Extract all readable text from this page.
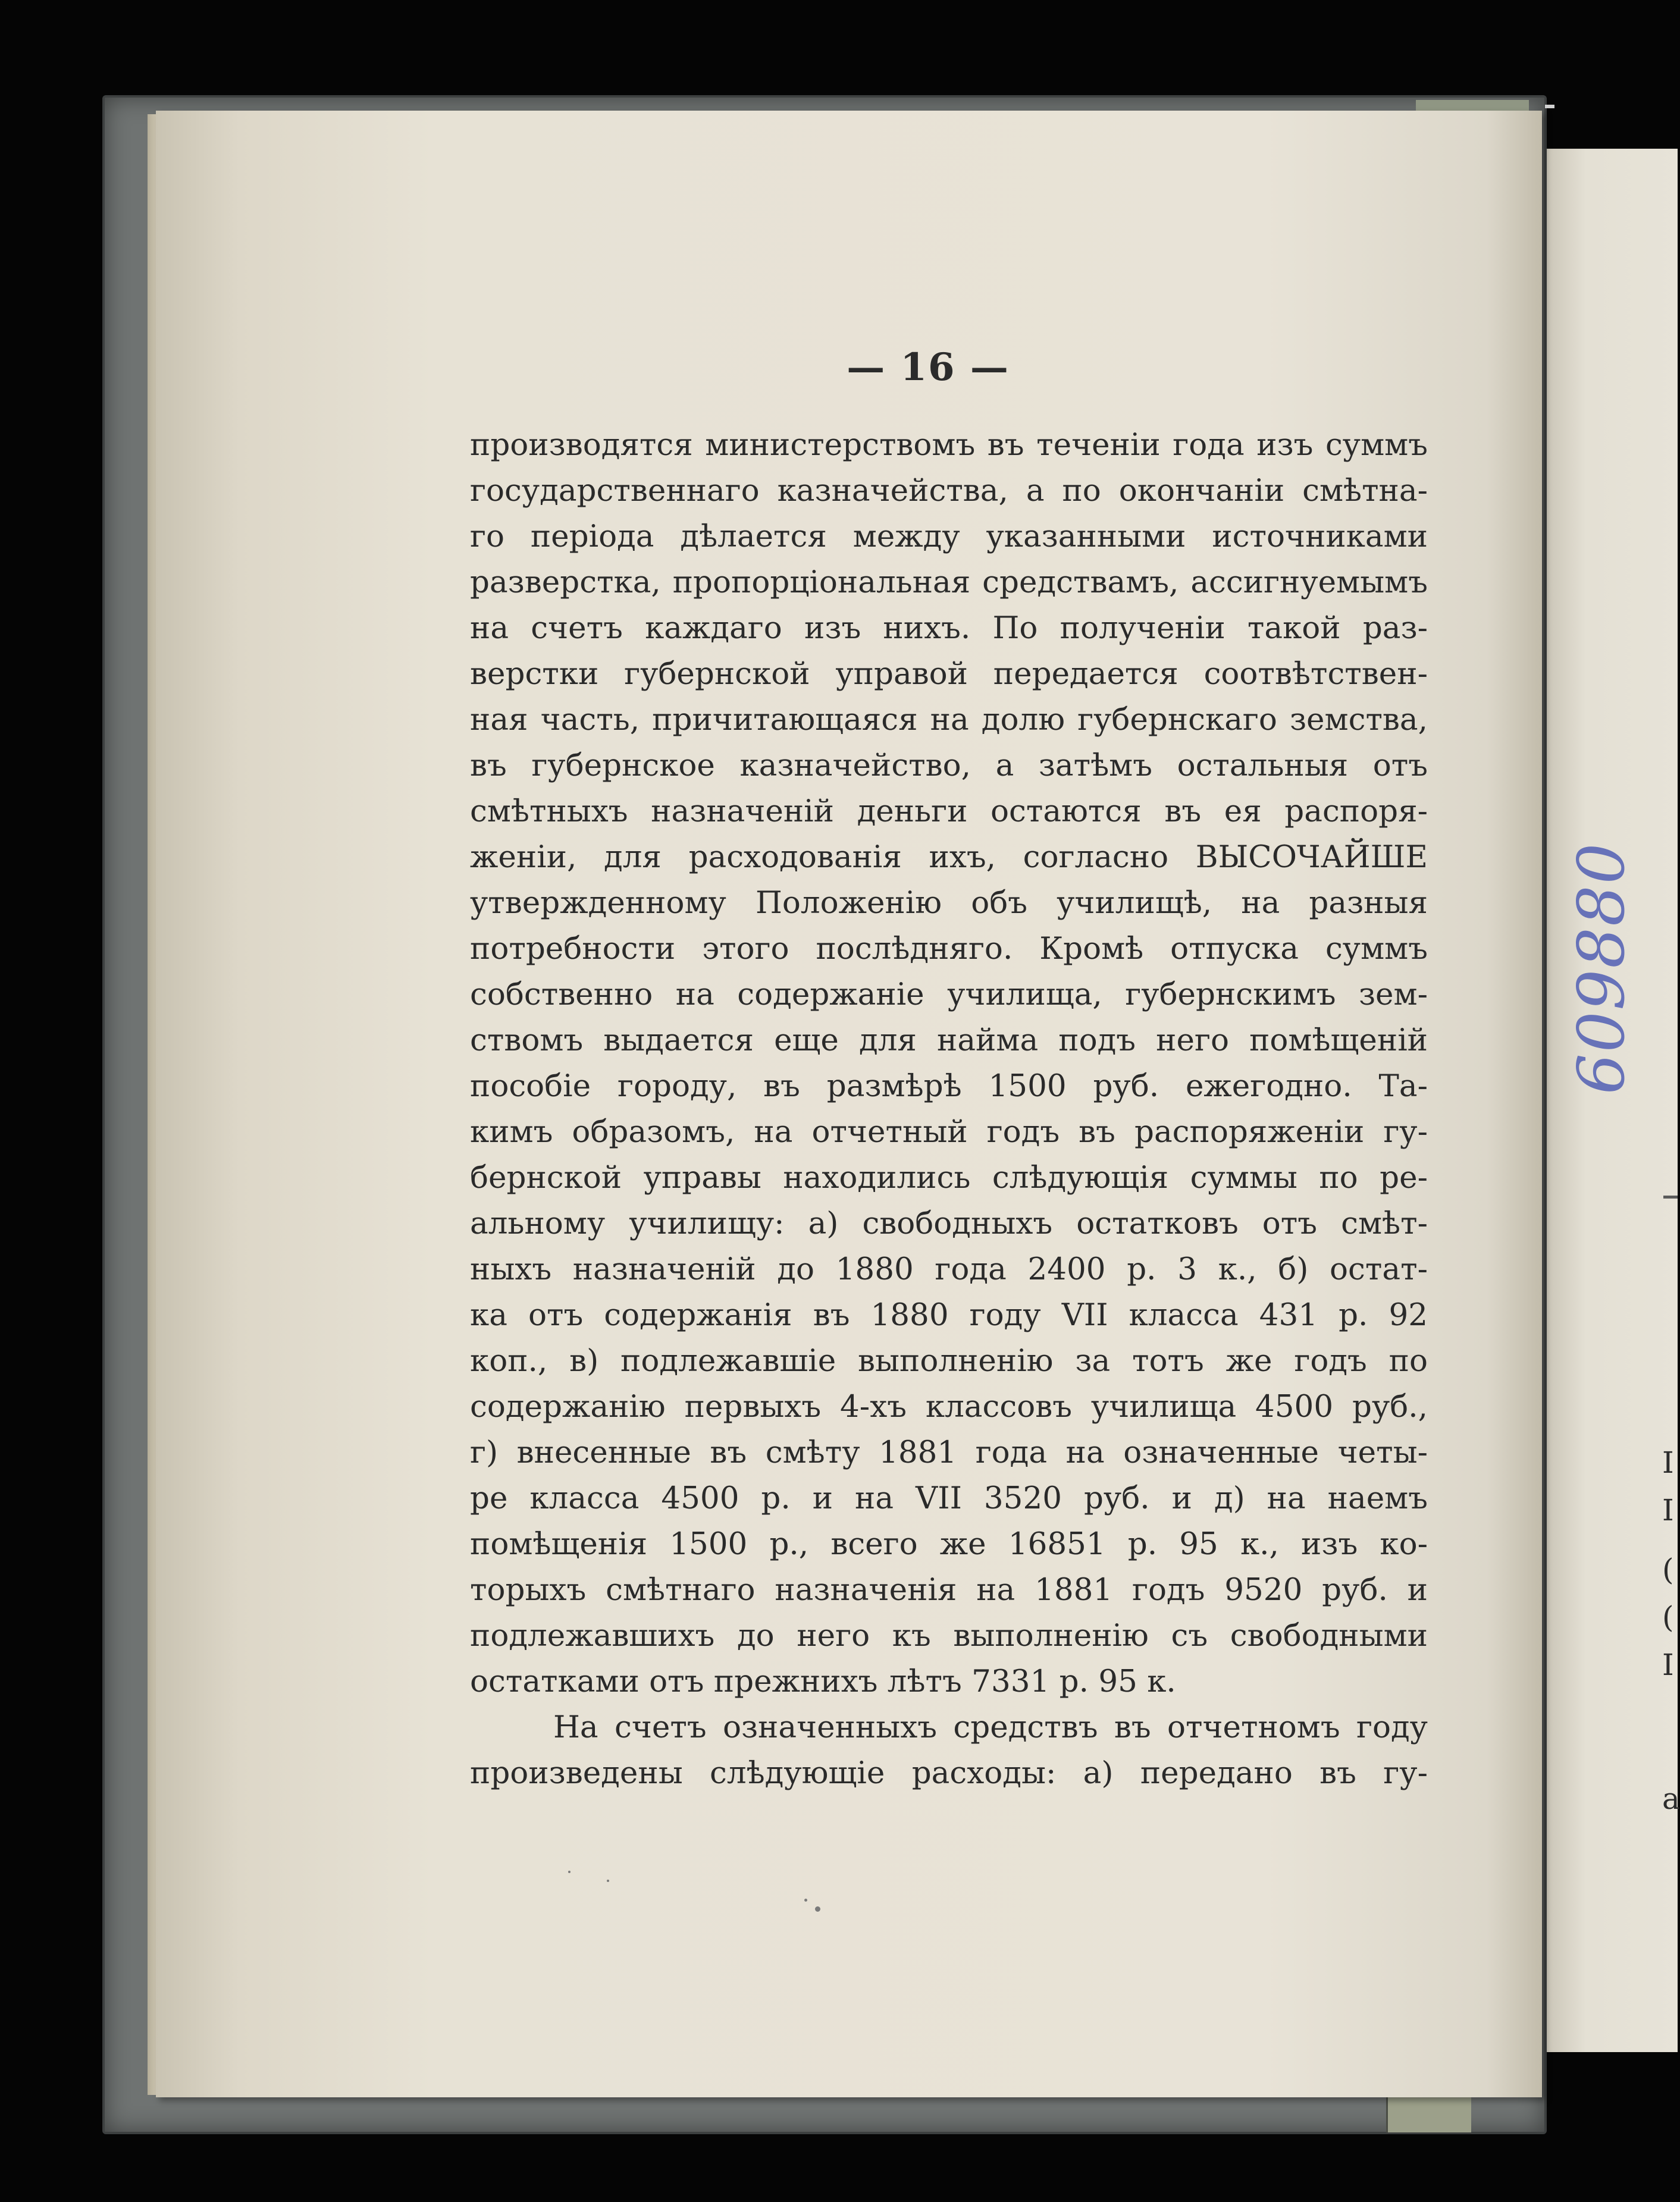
— 16 —
производятся министерствомъ въ теченіи года изъ суммъ
государственнаго казначейства, а по окончаніи смѣтна-
го періода дѣлается между указанными источниками
разверстка, пропорціональная средствамъ, ассигнуемымъ
на счетъ каждаго изъ нихъ. По полученіи такой раз-
верстки губернской управой передается соотвѣтствен-
ная часть, причитающаяся на долю губернскаго земства,
въ губернское казначейство, а затѣмъ остальныя отъ
смѣтныхъ назначеній деньги остаются въ ея распоря-
женіи, для расходованія ихъ, согласно ВЫСОЧАЙШЕ
утвержденному Положенію объ училищѣ, на разныя
потребности этого послѣдняго. Кромѣ отпуска суммъ
собственно на содержаніе училища, губернскимъ зем-
ствомъ выдается еще для найма подъ него помѣщеній
пособіе городу, въ размѣрѣ 1500 руб. ежегодно. Та-
кимъ образомъ, на отчетный годъ въ распоряженіи гу-
бернской управы находились слѣдующія суммы по ре-
альному училищу: а) свободныхъ остатковъ отъ смѣт-
ныхъ назначеній до 1880 года 2400 р. 3 к., б) остат-
ка отъ содержанія въ 1880 году VII класса 431 р. 92
коп., в) подлежавшіе выполненію за тотъ же годъ по
содержанію первыхъ 4-хъ классовъ училища 4500 руб.,
г) внесенные въ смѣту 1881 года на означенные четы-
ре класса 4500 р. и на VII 3520 руб. и д) на наемъ
помѣщенія 1500 р., всего же 16851 р. 95 к., изъ ко-
торыхъ смѣтнаго назначенія на 1881 годъ 9520 руб. и
подлежавшихъ до него къ выполненію съ свободными
остатками отъ прежнихъ лѣтъ 7331 р. 95 к.
На счетъ означенныхъ средствъ въ отчетномъ году
произведены слѣдующіе расходы: а) передано въ гу-
609880
I
I
(
(
I
a
